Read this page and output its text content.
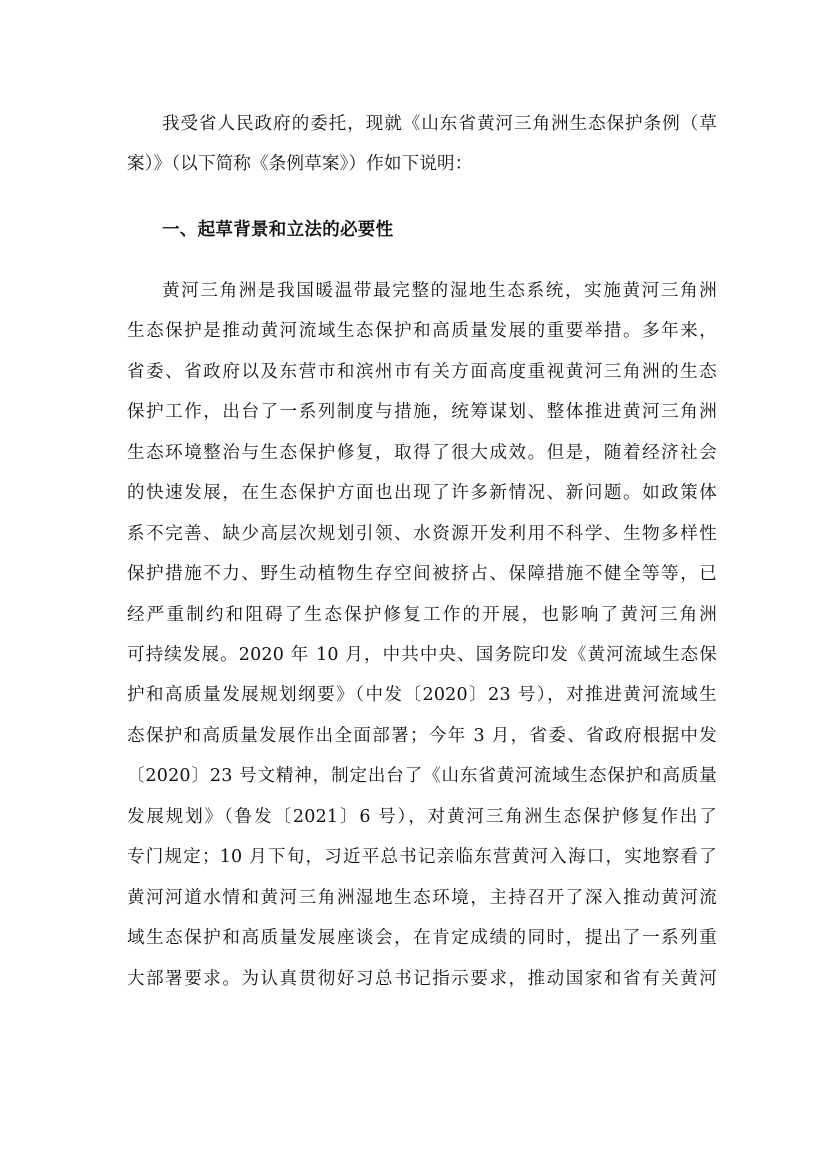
我受省人民政府的委托，现就《山东省黄河三角洲生态保护条例（草
案）》（以下简称《条例草案》）作如下说明：
一、起草背景和立法的必要性
黄河三角洲是我国暖温带最完整的湿地生态系统，实施黄河三角洲
生态保护是推动黄河流域生态保护和高质量发展的重要举措。多年来，
省委、省政府以及东营市和滨州市有关方面高度重视黄河三角洲的生态
保护工作，出台了一系列制度与措施，统筹谋划、整体推进黄河三角洲
生态环境整治与生态保护修复，取得了很大成效。但是，随着经济社会
的快速发展，在生态保护方面也出现了许多新情况、新问题。如政策体
系不完善、缺少高层次规划引领、水资源开发利用不科学、生物多样性
保护措施不力、野生动植物生存空间被挤占、保障措施不健全等等，已
经严重制约和阻碍了生态保护修复工作的开展，也影响了黄河三角洲
可持续发展。2020 年 10 月，中共中央、国务院印发《黄河流域生态保
护和高质量发展规划纲要》（中发〔2020〕23 号），对推进黄河流域生
态保护和高质量发展作出全面部署；今年 3 月，省委、省政府根据中发
〔2020〕23 号文精神，制定出台了《山东省黄河流域生态保护和高质量
发展规划》（鲁发〔2021〕6 号），对黄河三角洲生态保护修复作出了
专门规定；10 月下旬，习近平总书记亲临东营黄河入海口，实地察看了
黄河河道水情和黄河三角洲湿地生态环境，主持召开了深入推动黄河流
域生态保护和高质量发展座谈会，在肯定成绩的同时，提出了一系列重
大部署要求。为认真贯彻好习总书记指示要求，推动国家和省有关黄河
